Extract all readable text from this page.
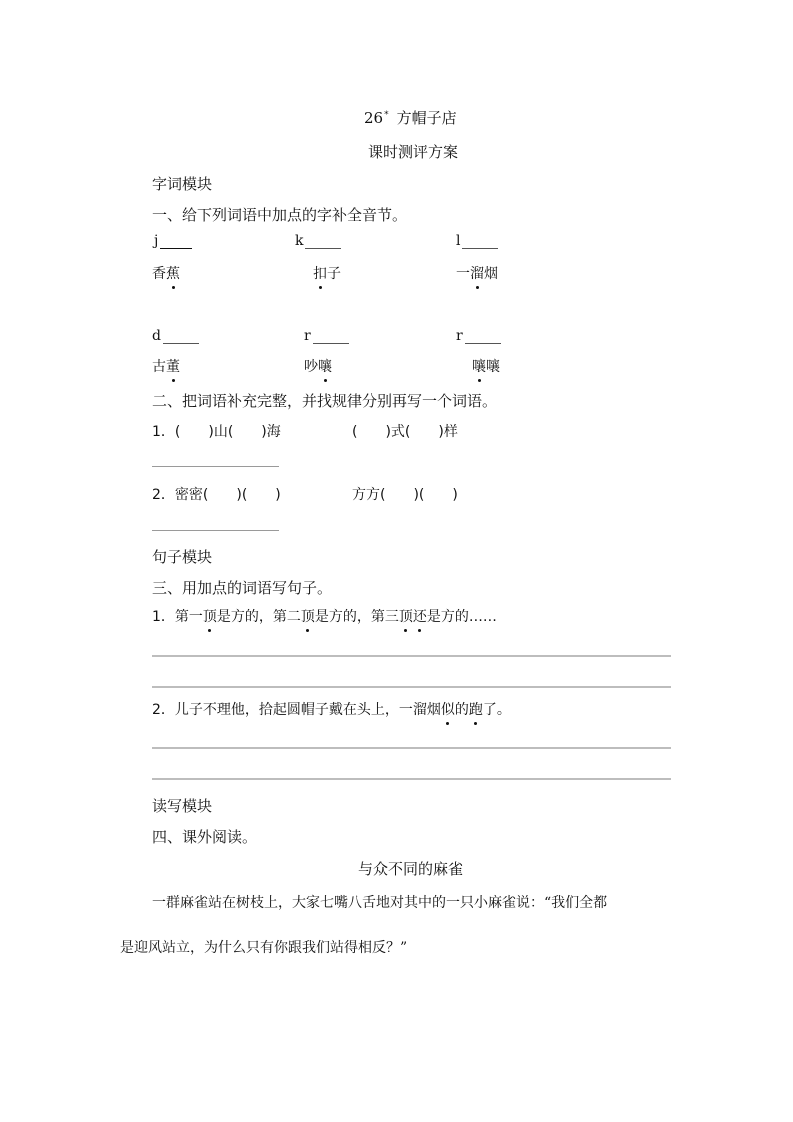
26* 方帽子店
课时测评方案
字词模块
一、给下列词语中加点的字补全音节。
j	k	l
香蕉	扣子	一溜烟
d	r	r
古董	吵嚷	嚷嚷
二、把词语补充完整，并找规律分别再写一个词语。
1．(　　)山(　　)海	(　　)式(　　)样
2．密密(　　)(　　)	方方(　　)(　　)
句子模块
三、用加点的词语写句子。
1．第一顶是方的，第二顶是方的，第三顶还是方的……
2．儿子不理他，拾起圆帽子戴在头上，一溜烟似的跑了。
读写模块
四、课外阅读。
与众不同的麻雀
一群麻雀站在树枝上，大家七嘴八舌地对其中的一只小麻雀说：“我们全都
是迎风站立，为什么只有你跟我们站得相反？”
